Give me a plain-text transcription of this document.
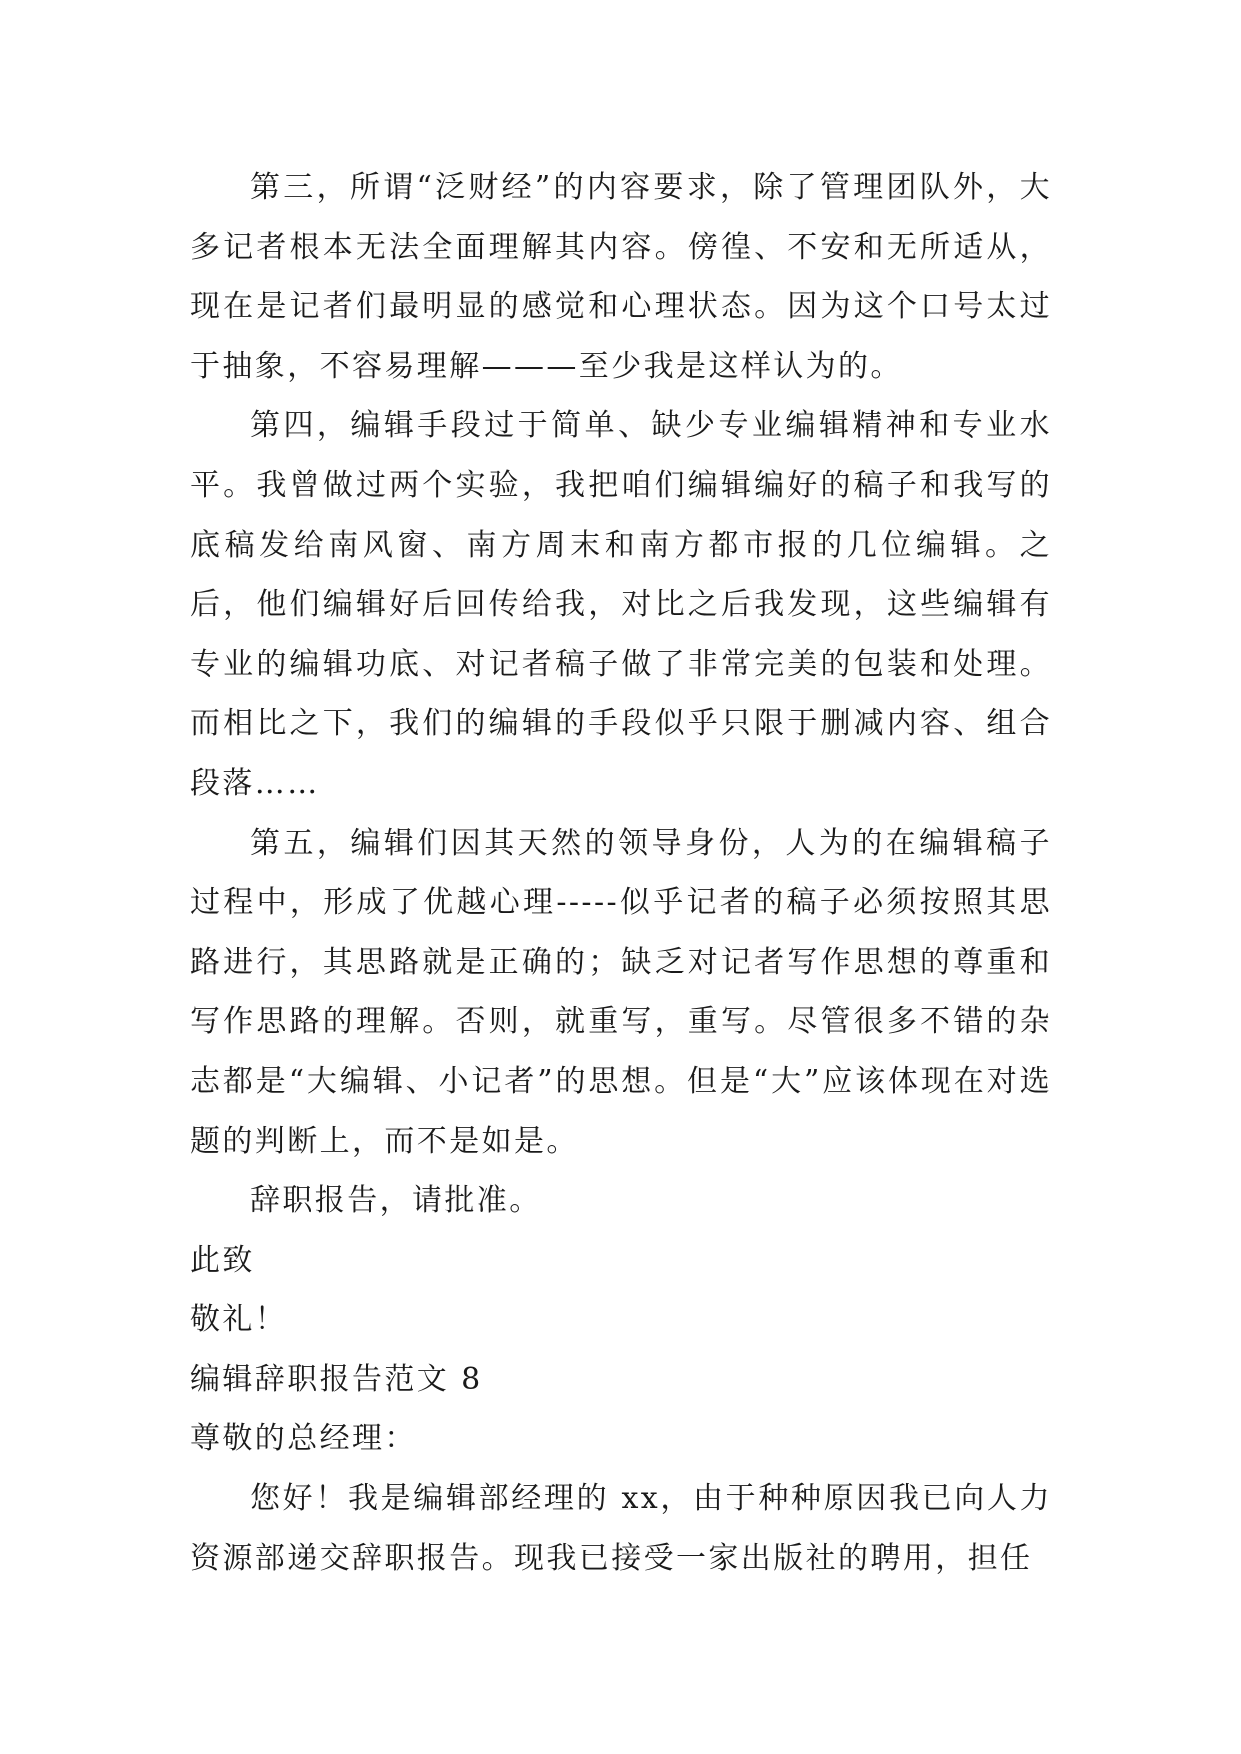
第三，所谓“泛财经”的内容要求，除了管理团队外，大多记者根本无法全面理解其内容。傍徨、不安和无所适从，现在是记者们最明显的感觉和心理状态。因为这个口号太过于抽象，不容易理解———至少我是这样认为的。

第四，编辑手段过于简单、缺少专业编辑精神和专业水平。我曾做过两个实验，我把咱们编辑编好的稿子和我写的底稿发给南风窗、南方周末和南方都市报的几位编辑。之后，他们编辑好后回传给我，对比之后我发现，这些编辑有专业的编辑功底、对记者稿子做了非常完美的包装和处理。而相比之下，我们的编辑的手段似乎只限于删减内容、组合段落……

第五，编辑们因其天然的领导身份，人为的在编辑稿子过程中，形成了优越心理-----似乎记者的稿子必须按照其思路进行，其思路就是正确的；缺乏对记者写作思想的尊重和写作思路的理解。否则，就重写，重写。尽管很多不错的杂志都是“大编辑、小记者”的思想。但是“大”应该体现在对选题的判断上，而不是如是。

辞职报告，请批准。

此致

敬礼！

编辑辞职报告范文 8

尊敬的总经理：

您好！我是编辑部经理的 xx，由于种种原因我已向人力资源部递交辞职报告。现我已接受一家出版社的聘用，担任
